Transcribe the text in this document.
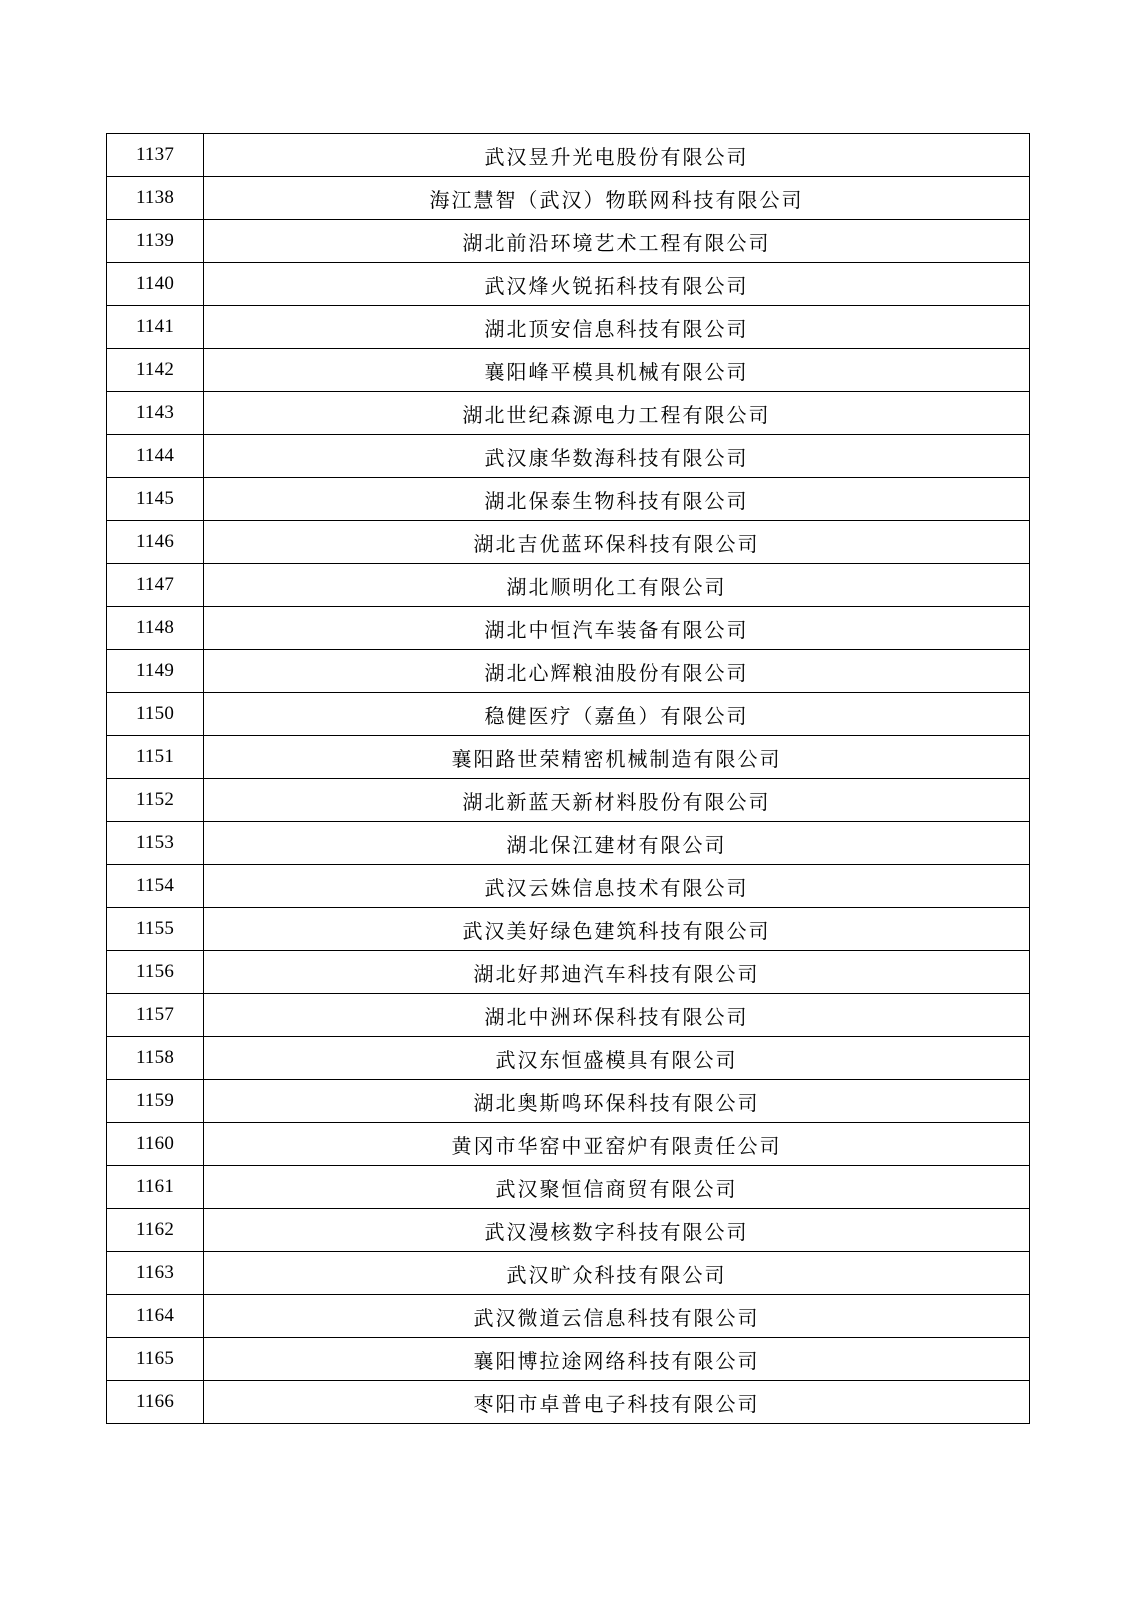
1137	武汉昱升光电股份有限公司
1138	海江慧智（武汉）物联网科技有限公司
1139	湖北前沿环境艺术工程有限公司
1140	武汉烽火锐拓科技有限公司
1141	湖北顶安信息科技有限公司
1142	襄阳峰平模具机械有限公司
1143	湖北世纪森源电力工程有限公司
1144	武汉康华数海科技有限公司
1145	湖北保泰生物科技有限公司
1146	湖北吉优蓝环保科技有限公司
1147	湖北顺明化工有限公司
1148	湖北中恒汽车装备有限公司
1149	湖北心辉粮油股份有限公司
1150	稳健医疗（嘉鱼）有限公司
1151	襄阳路世荣精密机械制造有限公司
1152	湖北新蓝天新材料股份有限公司
1153	湖北保江建材有限公司
1154	武汉云姝信息技术有限公司
1155	武汉美好绿色建筑科技有限公司
1156	湖北好邦迪汽车科技有限公司
1157	湖北中洲环保科技有限公司
1158	武汉东恒盛模具有限公司
1159	湖北奥斯鸣环保科技有限公司
1160	黄冈市华窑中亚窑炉有限责任公司
1161	武汉聚恒信商贸有限公司
1162	武汉漫核数字科技有限公司
1163	武汉旷众科技有限公司
1164	武汉微道云信息科技有限公司
1165	襄阳博拉途网络科技有限公司
1166	枣阳市卓普电子科技有限公司
